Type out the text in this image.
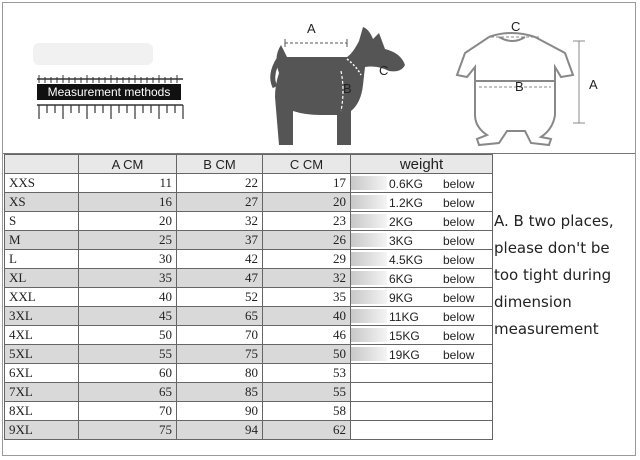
Measurement methods
A
B
C
C
B	A
	A CM	B CM	C CM	weight
XXS	11	22	17	0.6KG below

XS	16	27	20	1.2KG below

S	20	32	23	2KG below

M	25	37	26	3KG below

L	30	42	29	4.5KG below

XL	35	47	32	6KG below

XXL	40	52	35	9KG below

3XL	45	65	40	11KG below

4XL	50	70	46	15KG below

5XL	55	75	50	19KG below

6XL	60	80	53	
7XL	65	85	55	
8XL	70	90	58	
9XL	75	94	62	
A. B two places,
please don't be
too tight during
dimension
measurement
